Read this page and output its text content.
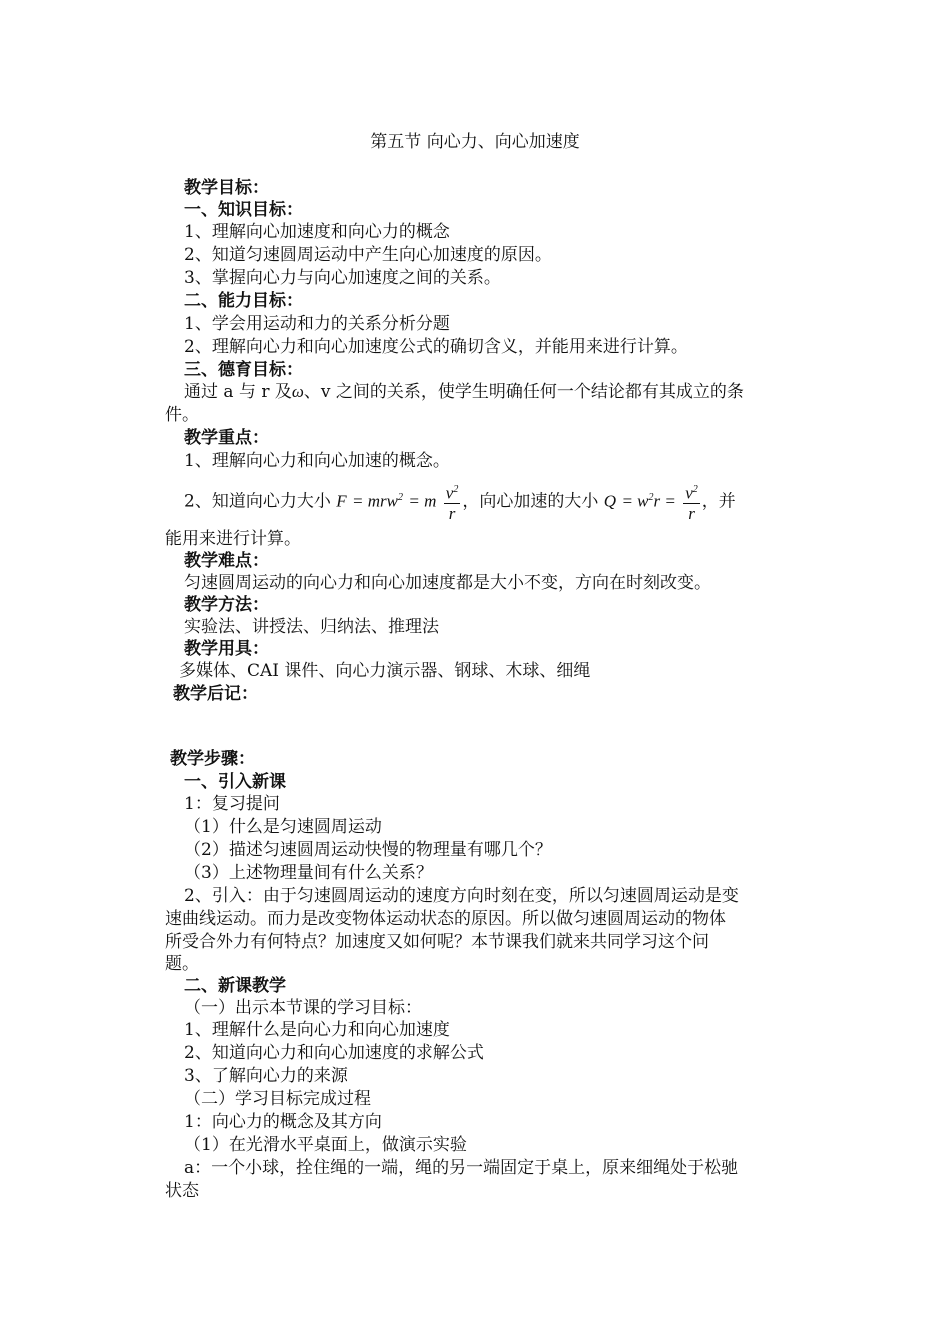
第五节 向心力、向心加速度
教学目标：
一、知识目标：
1、理解向心加速度和向心力的概念
2、知道匀速圆周运动中产生向心加速度的原因。
3、掌握向心力与向心加速度之间的关系。
二、能力目标：
1、学会用运动和力的关系分析分题
2、理解向心力和向心加速度公式的确切含义，并能用来进行计算。
三、德育目标：
通过 a 与 r 及ω、v 之间的关系，使学生明确任何一个结论都有其成立的条
件。
教学重点：
1、理解向心力和向心加速的概念。
2、知道向心力大小 F = mrw$^2$ = m $\frac{v^2}{r}$ ，向心加速的大小 $Q = w^2r = \frac{v^2}{r}$ ，并
能用来进行计算。
教学难点：
匀速圆周运动的向心力和向心加速度都是大小不变，方向在时刻改变。
教学方法：
实验法、讲授法、归纳法、推理法
教学用具：
多媒体、CAI 课件、向心力演示器、钢球、木球、细绳
教学后记：
教学步骤：
一、引入新课
1：复习提问
（1）什么是匀速圆周运动
（2）描述匀速圆周运动快慢的物理量有哪几个？
（3）上述物理量间有什么关系？
2、引入：由于匀速圆周运动的速度方向时刻在变，所以匀速圆周运动是变
速曲线运动。而力是改变物体运动状态的原因。所以做匀速圆周运动的物体
所受合外力有何特点？加速度又如何呢？本节课我们就来共同学习这个问
题。
二、新课教学
（一）出示本节课的学习目标：
1、理解什么是向心力和向心加速度
2、知道向心力和向心加速度的求解公式
3、了解向心力的来源
（二）学习目标完成过程
1：向心力的概念及其方向
（1）在光滑水平桌面上，做演示实验
a：一个小球，拴住绳的一端，绳的另一端固定于桌上，原来细绳处于松驰
状态
